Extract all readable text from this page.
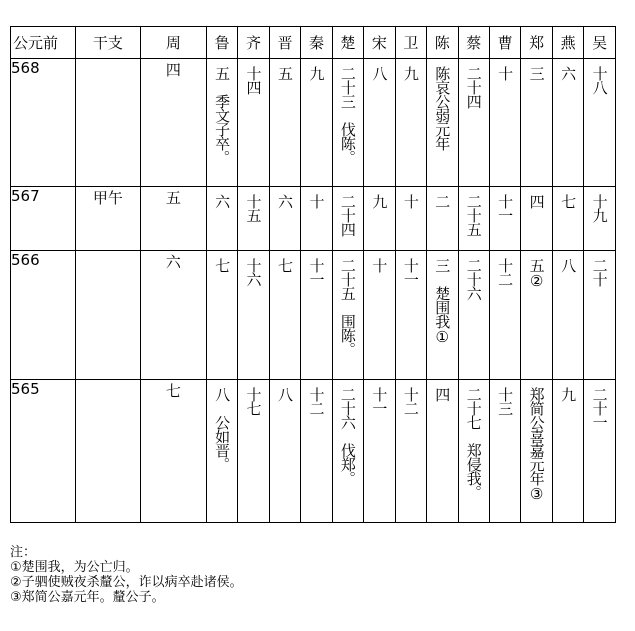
公元前	干支	周	鲁	齐	晋	秦	楚	宋	卫	陈	蔡	曹	郑	燕	吴
568		四	五　季文子卒。	十四	五	九	二十三　伐陈。	八	九	陈哀公弱元年	二十四	十	三	六	十八

567	甲午	五	六	十五	六	十	二十四	九	十	二	二十五	十一	四	七	十九

566		六	七	十六	七	十一	二十五　围陈。	十	十一	三　楚围我①	二十六	十二	五②	八	二十

565		七	八　公如晋。	十七	八	十二	二十六　伐郑。	十一	十二	四	二十七　郑侵我。	十三	郑简公喜嘉元年③	九	二十一
注：
①楚围我，为公亡归。
②子驷使贼夜杀釐公，诈以病卒赴诸侯。
③郑简公嘉元年。釐公子。
